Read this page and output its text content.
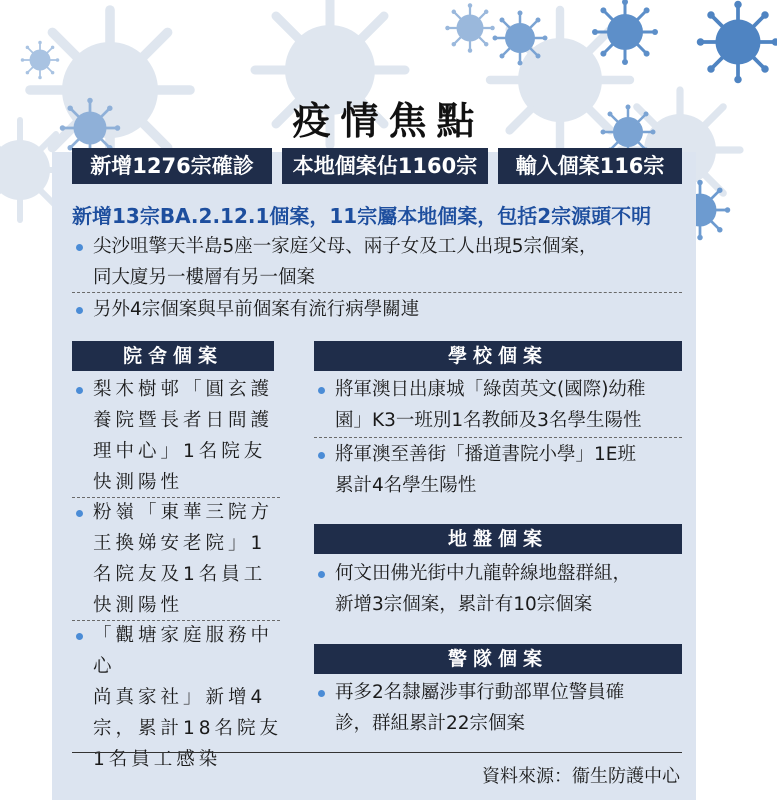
疫情焦點
新增1276宗確診	本地個案佔1160宗	輸入個案116宗
新增13宗BA.2.12.1個案，11宗屬本地個案，包括2宗源頭不明
尖沙咀擎天半島5座一家庭父母、兩子女及工人出現5宗個案，
同大廈另一樓層有另一個案
另外4宗個案與早前個案有流行病學關連
院舍個案
梨木樹邨「圓玄護
養院暨長者日間護
理中心」1名院友
快測陽性
粉嶺「東華三院方
王換娣安老院」1
名院友及1名員工
快測陽性
「觀塘家庭服務中心
尚真家社」新增4
宗，累計18名院友
1名員工感染
學校個案
將軍澳日出康城「綠茵英文(國際)幼稚
園」K3一班別1名教師及3名學生陽性
將軍澳至善街「播道書院小學」1E班
累計4名學生陽性
地盤個案
何文田佛光街中九龍幹線地盤群組，
新增3宗個案，累計有10宗個案
警隊個案
再多2名隸屬涉事行動部單位警員確
診，群組累計22宗個案
資料來源：衞生防護中心
